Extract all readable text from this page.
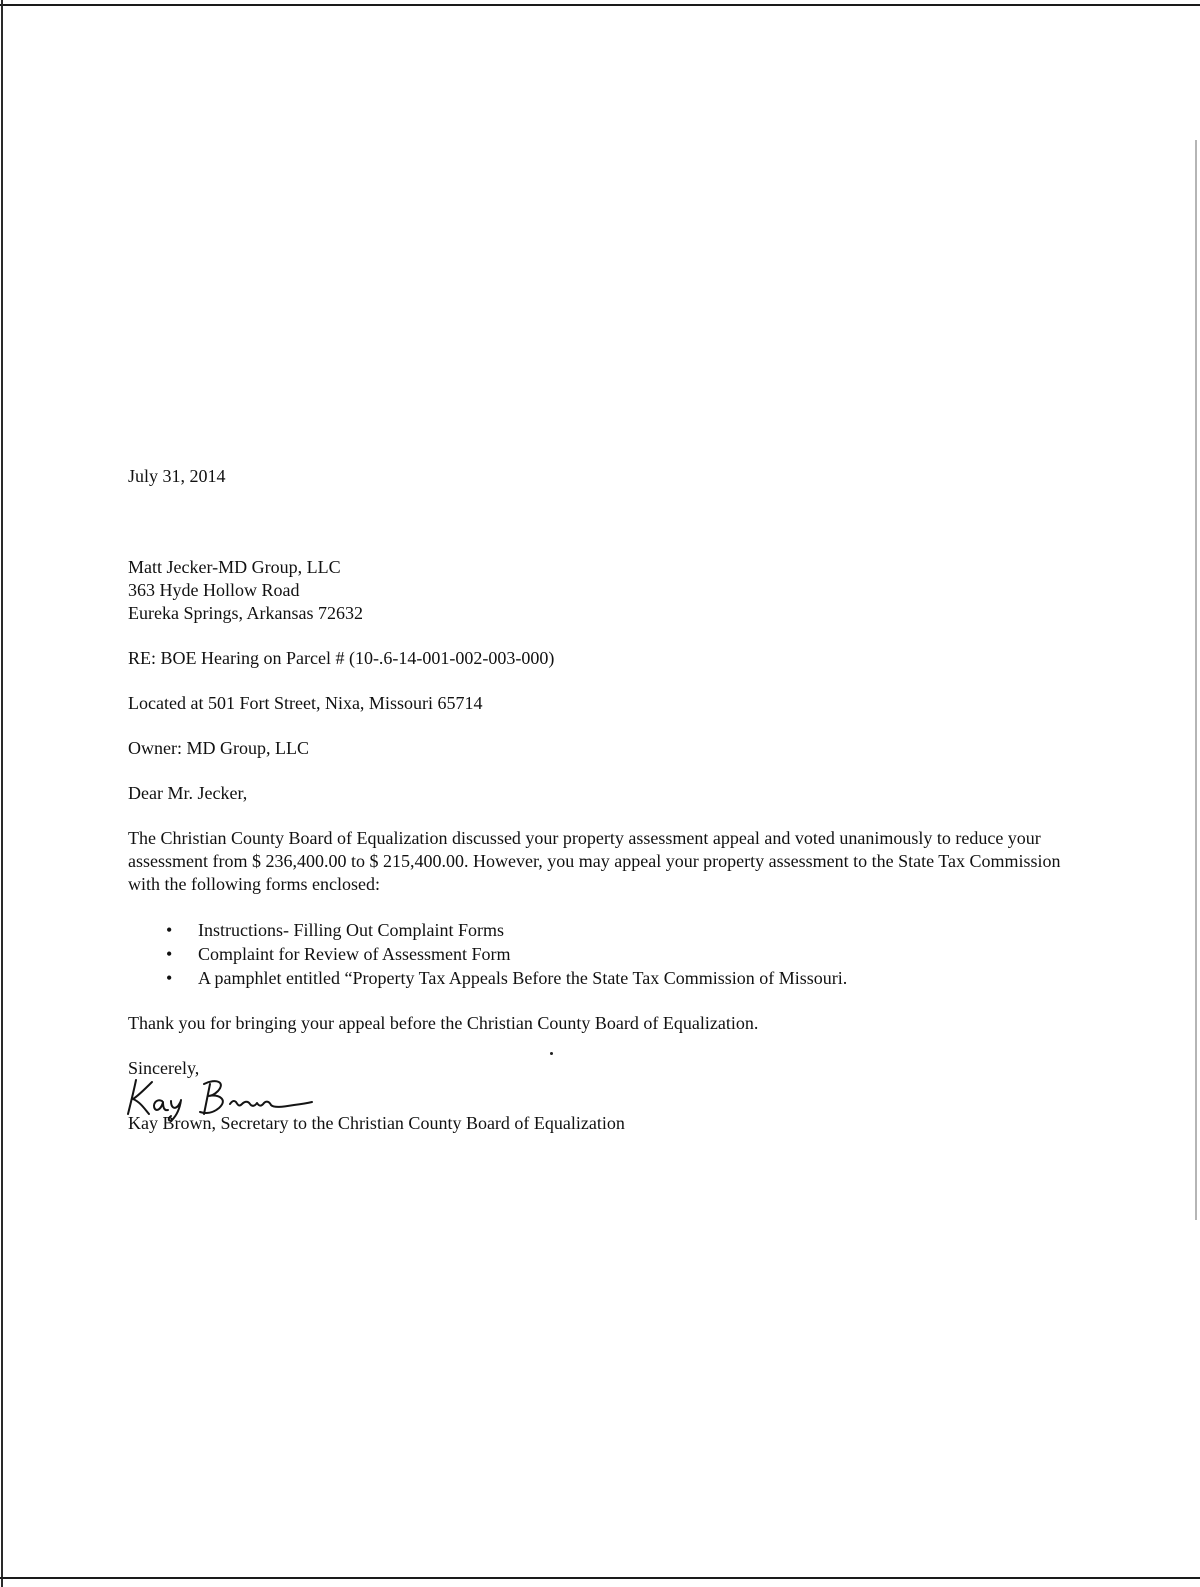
July 31, 2014
Matt Jecker-MD Group, LLC
363 Hyde Hollow Road
Eureka Springs, Arkansas 72632
RE: BOE Hearing on Parcel # (10-.6-14-001-002-003-000)
Located at 501 Fort Street, Nixa, Missouri 65714
Owner: MD Group, LLC
Dear Mr. Jecker,
The Christian County Board of Equalization discussed your property assessment appeal and voted unanimously to reduce your assessment from $ 236,400.00 to $ 215,400.00. However, you may appeal your property assessment to the State Tax Commission with the following forms enclosed:
• Instructions- Filling Out Complaint Forms
• Complaint for Review of Assessment Form
• A pamphlet entitled “Property Tax Appeals Before the State Tax Commission of Missouri.
Thank you for bringing your appeal before the Christian County Board of Equalization.
Sincerely,
Kay Brown, Secretary to the Christian County Board of Equalization
